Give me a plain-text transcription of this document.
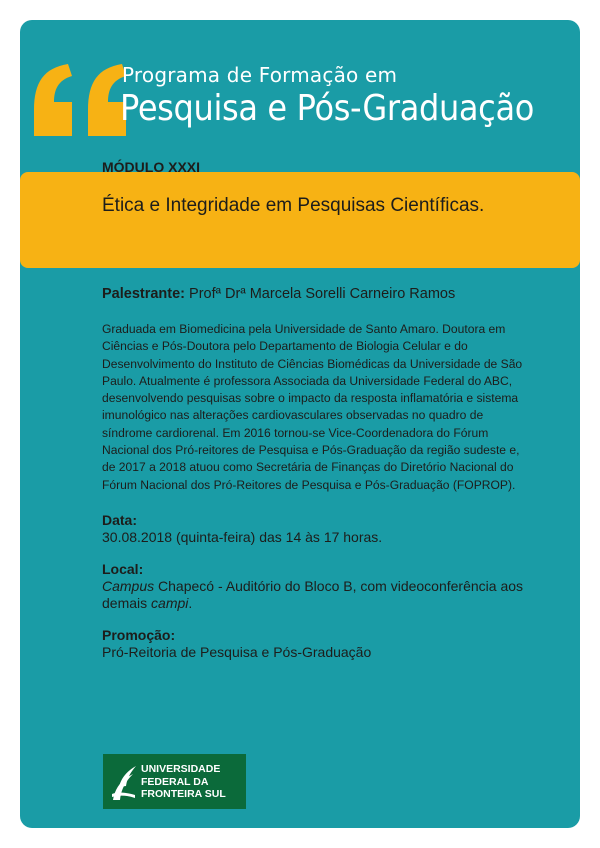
Programa de Formação em
Pesquisa e Pós-Graduação
MÓDULO XXXI
Ética e Integridade em Pesquisas Científicas.

Palestrante: Profª Drª Marcela Sorelli Carneiro Ramos

Graduada em Biomedicina pela Universidade de Santo Amaro. Doutora em Ciências e Pós-Doutora pelo Departamento de Biologia Celular e do Desenvolvimento do Instituto de Ciências Biomédicas da Universidade de São Paulo. Atualmente é professora Associada da Universidade Federal do ABC, desenvolvendo pesquisas sobre o impacto da resposta inflamatória e sistema imunológico nas alterações cardiovasculares observadas no quadro de síndrome cardiorenal. Em 2016 tornou-se Vice-Coordenadora do Fórum Nacional dos Pró-reitores de Pesquisa e Pós-Graduação da região sudeste e, de 2017 a 2018 atuou como Secretária de Finanças do Diretório Nacional do Fórum Nacional dos Pró-Reitores de Pesquisa e Pós-Graduação (FOPROP).

Data:
30.08.2018 (quinta-feira) das 14 às 17 horas.
Local:
Campus Chapecó - Auditório do Bloco B, com videoconferência aos demais campi.
Promoção:
Pró-Reitoria de Pesquisa e Pós-Graduação
UNIVERSIDADE
FEDERAL DA
FRONTEIRA SUL
